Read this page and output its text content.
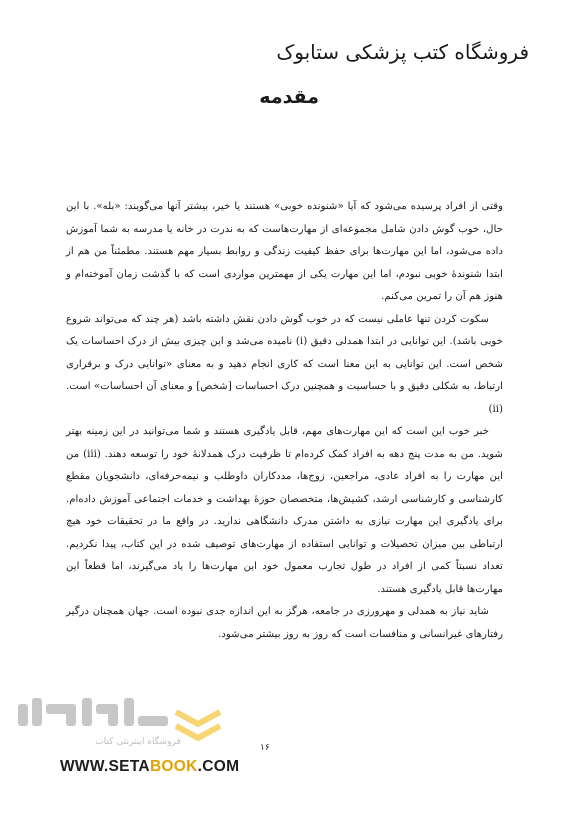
فروشگاه کتب پزشکی ستابوک
مقدمه

وقتی از افراد پرسیده می‌شود که آیا «شنونده خوبی» هستند یا خیر، بیشتر آنها می‌گویند: «بله». با این حال، خوب گوش دادن شامل مجموعه‌ای از مهارت‌هاست که به ندرت در خانه یا مدرسه به شما آموزش داده می‌شود، اما این مهارت‌ها برای حفظ کیفیت زندگی و روابط بسیار مهم هستند. مطمئناً من هم از ابتدا شنوندهٔ خوبی نبودم، اما این مهارت یکی از مهمترین مواردی است که با گذشت زمان آموخته‌ام و هنوز هم آن را تمرین می‌کنم.

سکوت کردن تنها عاملی نیست که در خوب گوش دادن نقش داشته باشد (هر چند که می‌تواند شروع خوبی باشد). این توانایی در ابتدا همدلی دقیق (i) نامیده می‌شد و این چیزی بیش از درک احساسات یک شخص است. این توانایی به این معنا است که کاری انجام دهید و به معنای «توانایی درک و برقراری ارتباط، به شکلی دقیق و با حساسیت و همچنین درک احساسات [شخص] و معنای آن احساسات» است. (ii)

خبر خوب این است که این مهارت‌های مهم، قابل یادگیری هستند و شما می‌توانید در این زمینه بهتر شوید. من به مدت پنج دهه به افراد کمک کرده‌ام تا ظرفیت درک همدلانهٔ خود را توسعه دهند. (iii) من این مهارت را به افراد عادی، مراجعین، زوج‌ها، مددکاران داوطلب و نیمه‌حرفه‌ای، دانشجویان مقطع کارشناسی و کارشناسی ارشد، کشیش‌ها، متخصصان حوزهٔ بهداشت و خدمات اجتماعی آموزش داده‌ام. برای یادگیری این مهارت نیازی به داشتن مدرک دانشگاهی ندارید. در واقع ما در تحقیقات خود هیچ ارتباطی بین میزان تحصیلات و توانایی استفاده از مهارت‌های توصیف شده در این کتاب، پیدا نکردیم. تعداد نسبتاً کمی از افراد در طول تجارب معمول خود این مهارت‌ها را یاد می‌گیرند، اما قطعاً این مهارت‌ها قابل یادگیری هستند.

شاید نیاز به همدلی و مهرورزی در جامعه، هرگز به این اندازه جدی نبوده است. جهان همچنان درگیر رفتارهای غیرانسانی و منافسات است که روز به روز بیشتر می‌شود.

۱۶
فروشگاه اینترنتی کتاب
WWW.SETABOOK.COM
